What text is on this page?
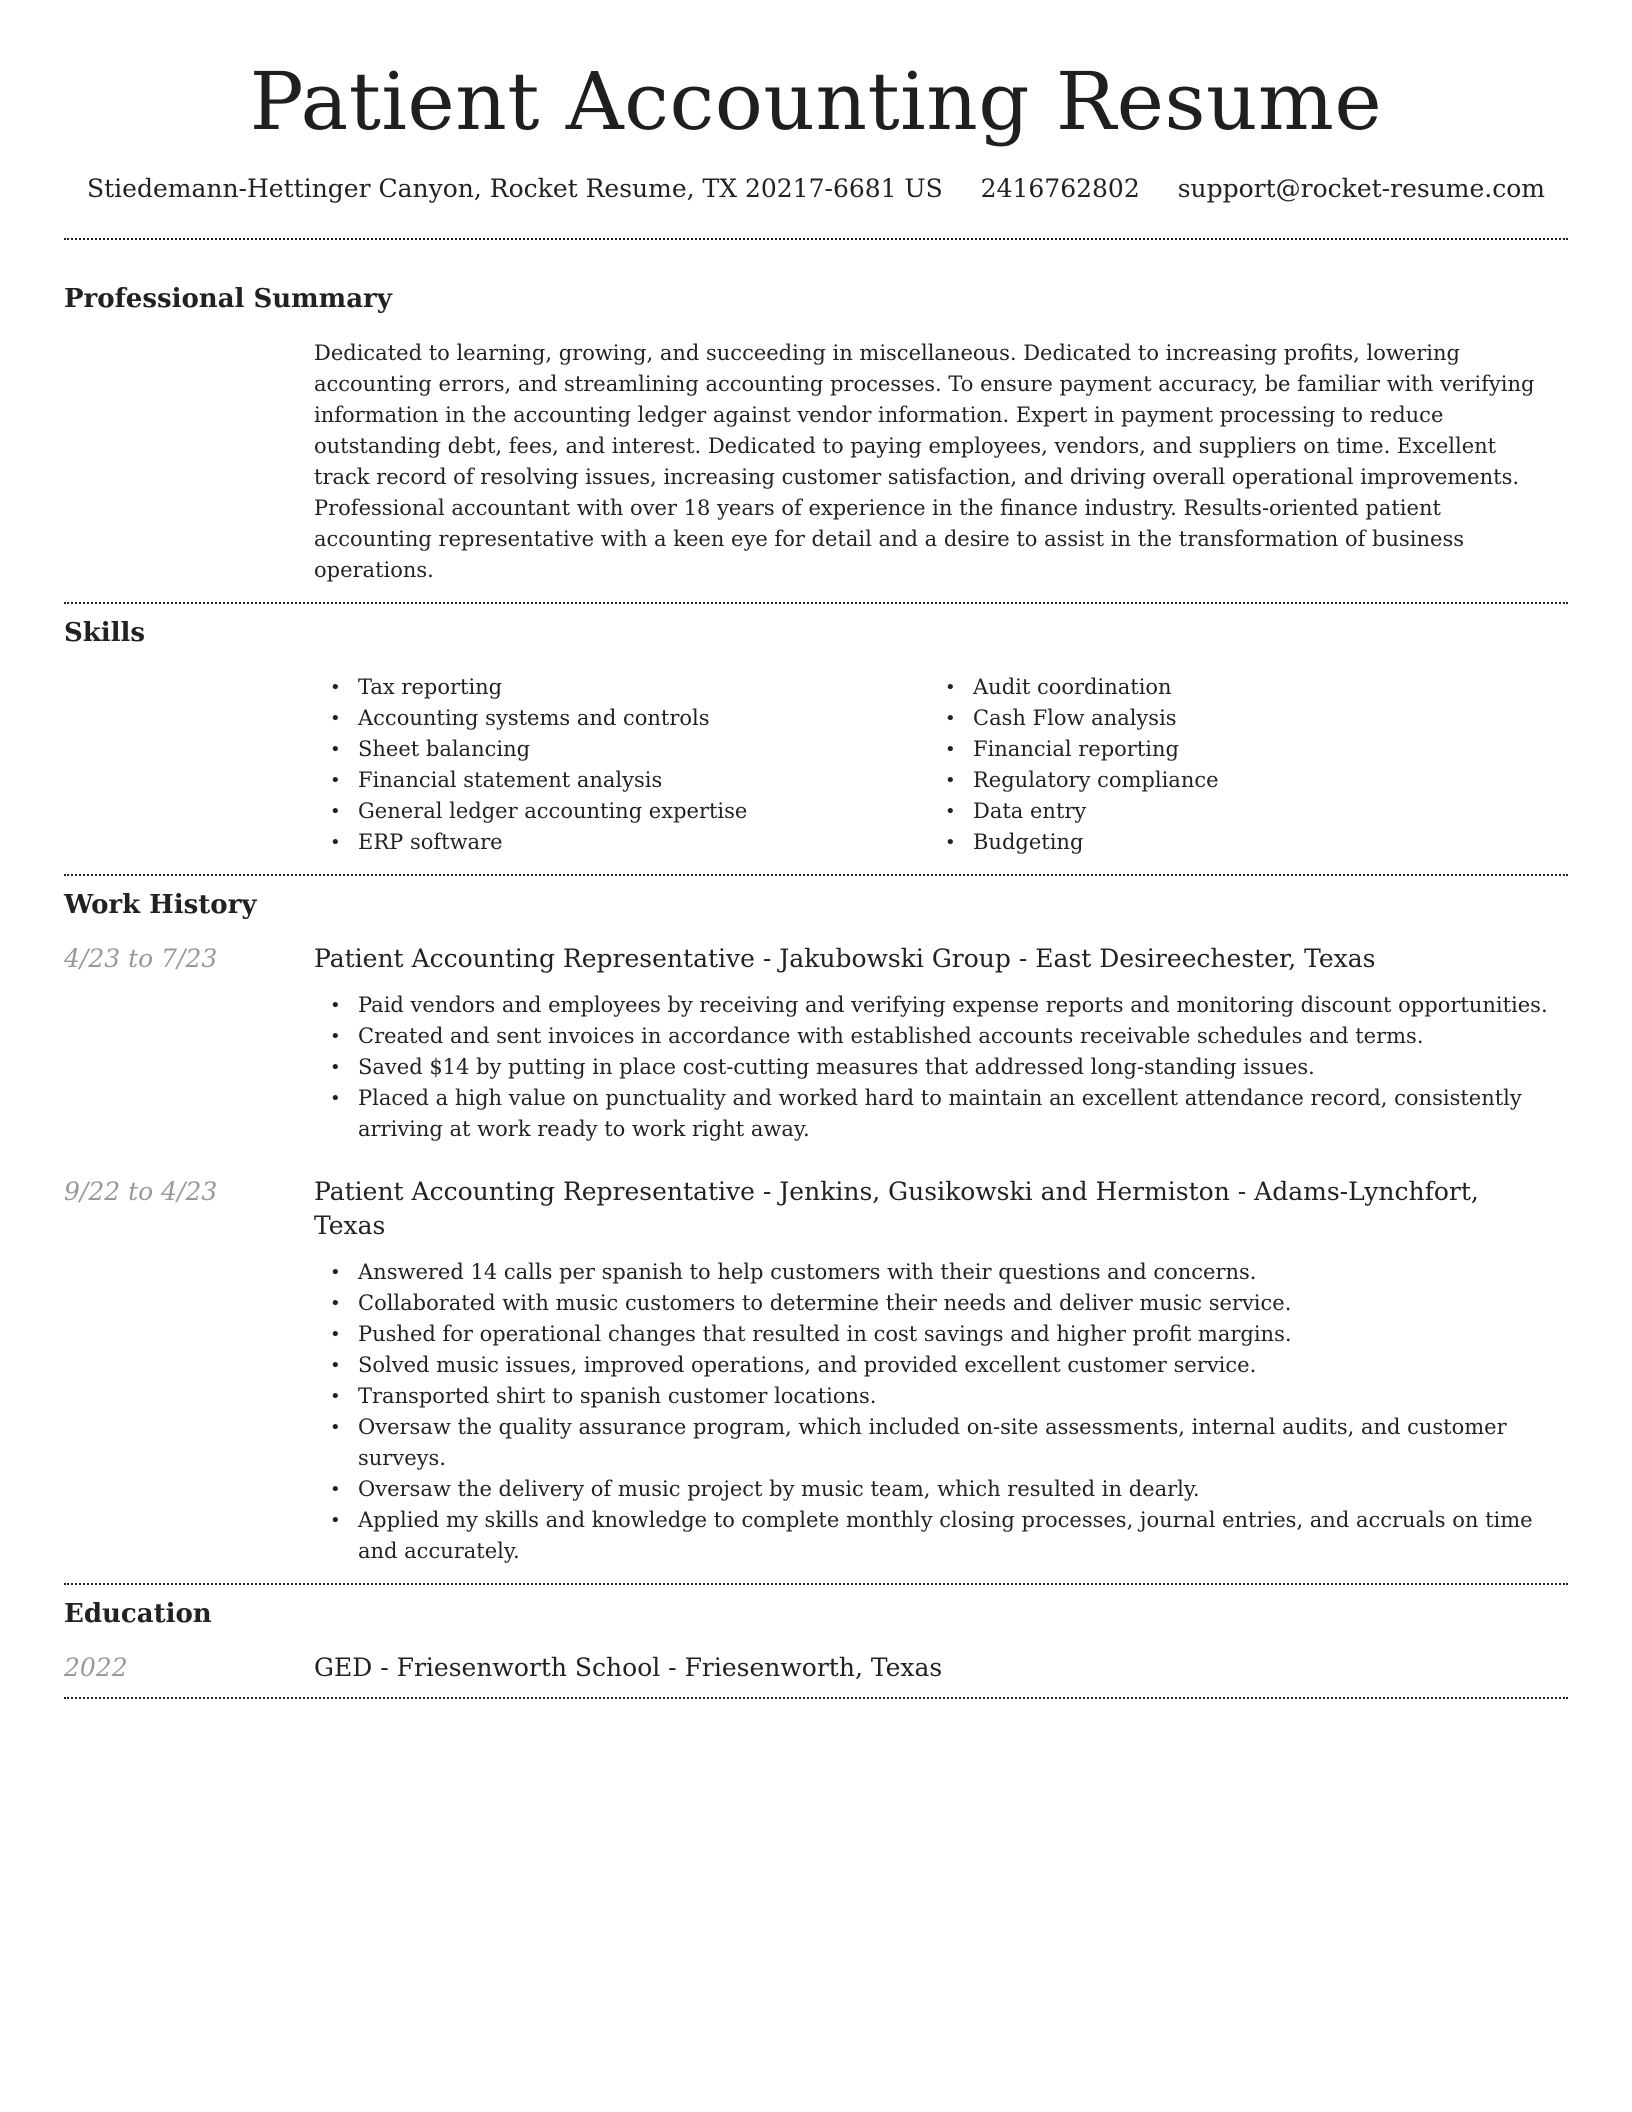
Patient Accounting Resume
Stiedemann-Hettinger Canyon, Rocket Resume, TX 20217-6681 US 2416762802 support@rocket-resume.com
Professional Summary

Dedicated to learning, growing, and succeeding in miscellaneous. Dedicated to increasing profits, lowering accounting errors, and streamlining accounting processes. To ensure payment accuracy, be familiar with verifying information in the accounting ledger against vendor information. Expert in payment processing to reduce outstanding debt, fees, and interest. Dedicated to paying employees, vendors, and suppliers on time. Excellent track record of resolving issues, increasing customer satisfaction, and driving overall operational improvements. Professional accountant with over 18 years of experience in the finance industry. Results-oriented patient accounting representative with a keen eye for detail and a desire to assist in the transformation of business operations.

Skills
• Tax reporting
• Accounting systems and controls
• Sheet balancing
• Financial statement analysis
• General ledger accounting expertise
• ERP software
• Audit coordination
• Cash Flow analysis
• Financial reporting
• Regulatory compliance
• Data entry
• Budgeting
Work History
4/23 to 7/23	Patient Accounting Representative - Jakubowski Group - East Desireechester, Texas
• Paid vendors and employees by receiving and verifying expense reports and monitoring discount opportunities.
• Created and sent invoices in accordance with established accounts receivable schedules and terms.
• Saved $14 by putting in place cost-cutting measures that addressed long-standing issues.
• Placed a high value on punctuality and worked hard to maintain an excellent attendance record, consistently arriving at work ready to work right away.
9/22 to 4/23	Patient Accounting Representative - Jenkins, Gusikowski and Hermiston - Adams-Lynchfort, Texas
• Answered 14 calls per spanish to help customers with their questions and concerns.
• Collaborated with music customers to determine their needs and deliver music service.
• Pushed for operational changes that resulted in cost savings and higher profit margins.
• Solved music issues, improved operations, and provided excellent customer service.
• Transported shirt to spanish customer locations.
• Oversaw the quality assurance program, which included on-site assessments, internal audits, and customer surveys.
• Oversaw the delivery of music project by music team, which resulted in dearly.
• Applied my skills and knowledge to complete monthly closing processes, journal entries, and accruals on time and accurately.
Education
2022	GED - Friesenworth School - Friesenworth, Texas
